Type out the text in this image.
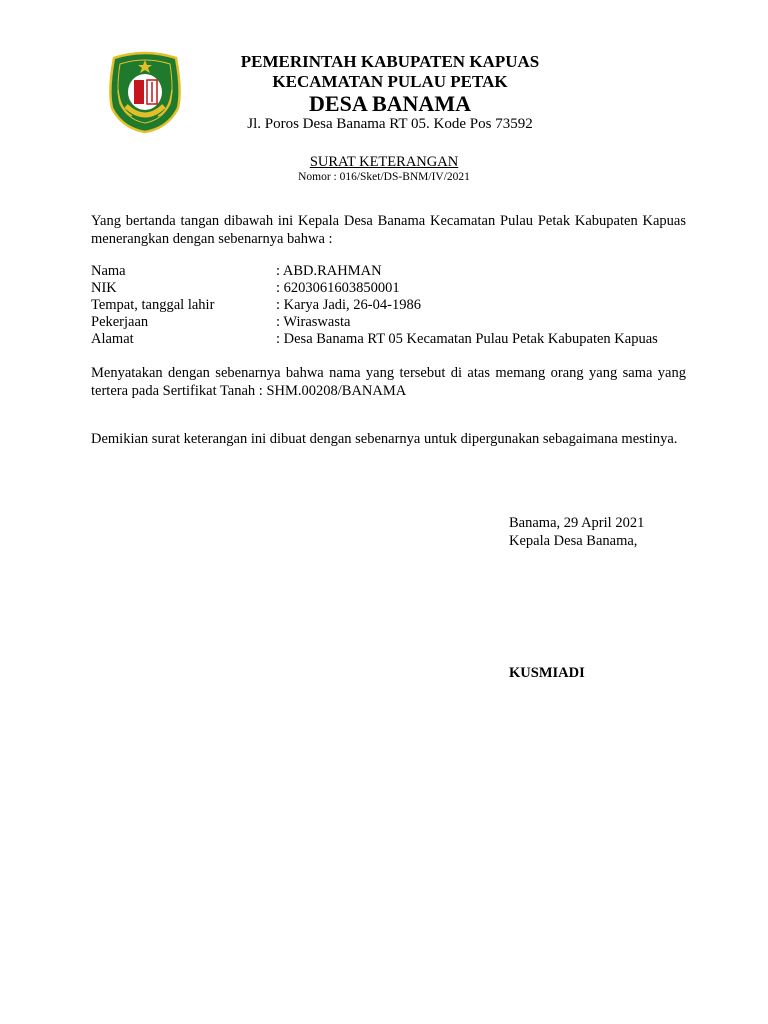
PEMERINTAH KABUPATEN KAPUAS
KECAMATAN PULAU PETAK
DESA BANAMA
Jl. Poros Desa Banama RT 05. Kode Pos 73592
SURAT KETERANGAN
Nomor : 016/Sket/DS-BNM/IV/2021
Yang bertanda tangan dibawah ini Kepala Desa Banama Kecamatan Pulau Petak Kabupaten Kapuas menerangkan dengan sebenarnya bahwa :
Nama	: ABD.RAHMAN
NIK	: 6203061603850001
Tempat, tanggal lahir	: Karya Jadi, 26-04-1986
Pekerjaan	: Wiraswasta
Alamat	: Desa Banama RT 05 Kecamatan Pulau Petak Kabupaten Kapuas
Menyatakan dengan sebenarnya bahwa nama yang tersebut di atas memang orang yang sama yang tertera pada Sertifikat Tanah : SHM.00208/BANAMA
Demikian surat keterangan ini dibuat dengan sebenarnya untuk dipergunakan sebagaimana mestinya.
Banama, 29 April 2021
Kepala Desa Banama,
KUSMIADI
